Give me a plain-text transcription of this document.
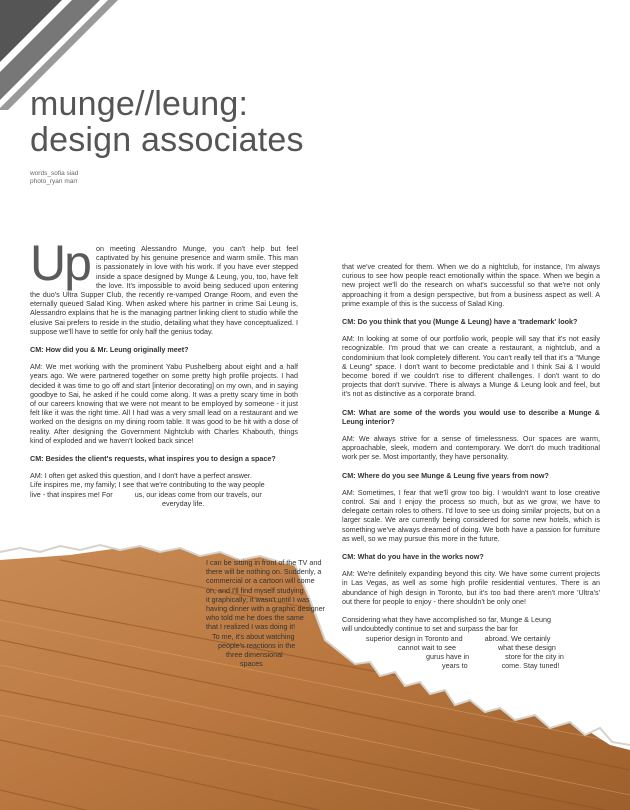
munge//leung:
design associates
words_sofia siad
photo_ryan marr
Up on meeting Alessandro Munge, you can't help but feel captivated by his genuine presence and warm smile. This man is passionately in love with his work. If you have ever stepped inside a space designed by Munge & Leung, you, too, have felt the love. It's impossible to avoid being seduced upon entering the duo's Ultra Supper Club, the recently re-vamped Orange Room, and even the eternally queued Salad King. When asked where his partner in crime Sai Leung is, Alessandro explains that he is the managing partner linking client to studio while the elusive Sai prefers to reside in the studio, detailing what they have conceptualized. I suppose we'll have to settle for only half the genius today.

CM: How did you & Mr. Leung originally meet?

AM: We met working with the prominent Yabu Pushelberg about eight and a half years ago. We were partnered together on some pretty high profile projects. I had decided it was time to go off and start [interior decorating] on my own, and in saying goodbye to Sai, he asked if he could come along. It was a pretty scary time in both of our careers knowing that we were not meant to be employed by someone - it just felt like it was the right time. All I had was a very small lead on a restaurant and we worked on the designs on my dining room table. It was good to be hit with a dose of reality. After designing the Government Nightclub with Charles Khabouth, things kind of exploded and we haven't looked back since!

CM: Besides the client's requests, what inspires you to design a space?

AM: I often get asked this question, and I don't have a perfect answer.
Life inspires me, my family; I see that we're contributing to the way people
live - that inspires me! For	us, our ideas come from our travels, our
everyday life.
I can be sitting in front of the TV and
there will be nothing on. Suddenly, a
commercial or a cartoon will come
on, and I'll find myself studying
it graphically; it wasn't until I was
having dinner with a graphic designer
who told me he does the same
that I realized I was doing it!
To me, it's about watching
people's reactions in the
three dimensional
spaces

that we've created for them. When we do a nightclub, for instance, I'm always curious to see how people react emotionally within the space. When we begin a new project we'll do the research on what's successful so that we're not only approaching it from a design perspective, but from a business aspect as well. A prime example of this is the success of Salad King.

CM: Do you think that you (Munge & Leung) have a 'trademark' look?

AM: In looking at some of our portfolio work, people will say that it's not easily recognizable. I'm proud that we can create a restaurant, a nightclub, and a condominium that look completely different. You can't really tell that it's a "Munge & Leung" space. I don't want to become predictable and I think Sai & I would become bored if we couldn't rise to different challenges. I don't want to do projects that don't survive. There is always a Munge & Leung look and feel, but it's not as distinctive as a corporate brand.

CM: What are some of the words you would use to describe a Munge & Leung interior?

AM: We always strive for a sense of timelessness. Our spaces are warm, approachable, sleek, modern and contemporary. We don't do much traditional work per se. Most importantly, they have personality.

CM: Where do you see Munge & Leung five years from now?

AM: Sometimes, I fear that we'll grow too big. I wouldn't want to lose creative control. Sai and I enjoy the process so much, but as we grow, we have to delegate certain roles to others. I'd love to see us doing similar projects, but on a larger scale. We are currently being considered for some new hotels, which is something we've always dreamed of doing. We both have a passion for furniture as well, so we may pursue this more in the future.

CM: What do you have in the works now?

AM: We're definitely expanding beyond this city. We have some current projects in Las Vegas, as well as some high profile residential ventures. There is an abundance of high design in Toronto, but it's too bad there aren't more 'Ultra's' out there for people to enjoy - there shouldn't be only one!

Considering what they have accomplished so far, Munge & Leung
will undoubtedly continue to set and surpass the bar for
superior design in Toronto and	abroad. We certainly
cannot wait to see	what these design
gurus have in	store for the city in
years to	come. Stay tuned!
